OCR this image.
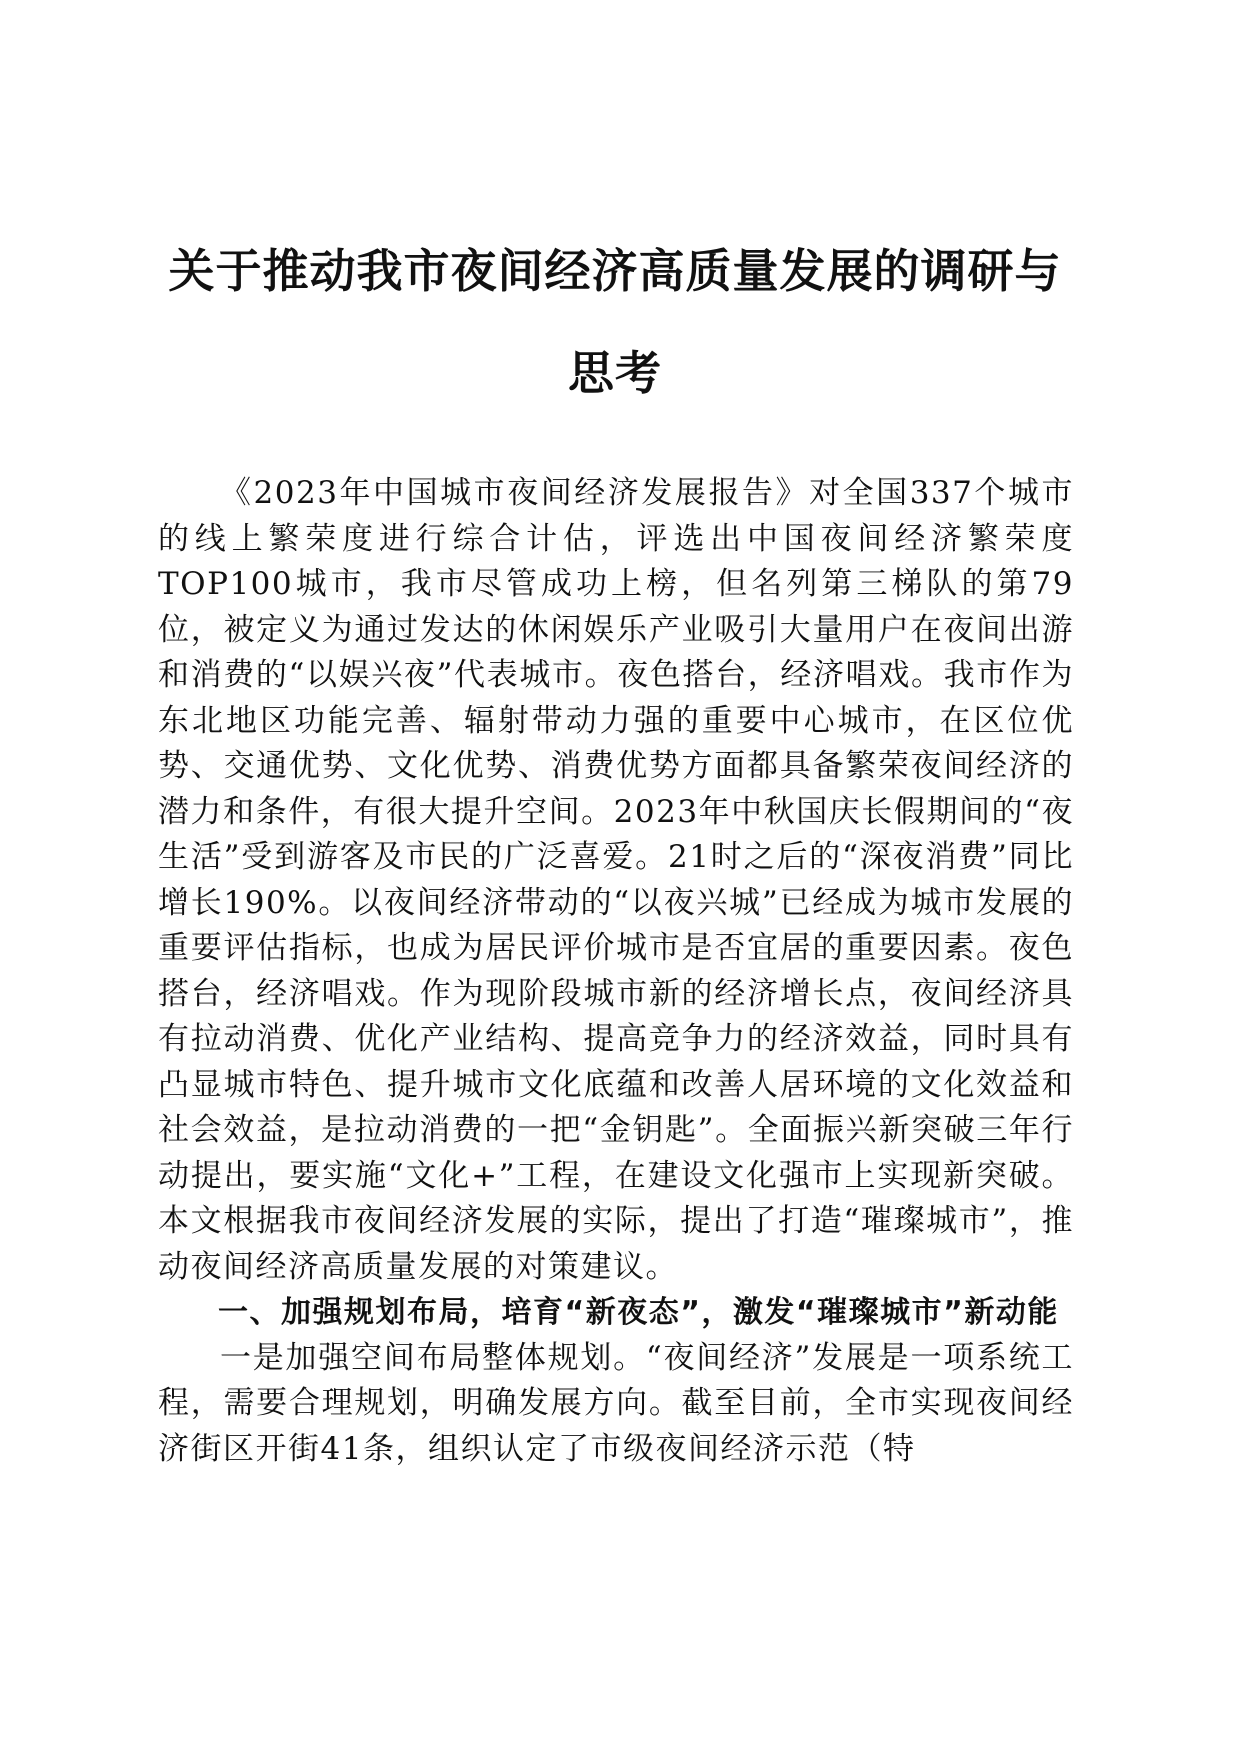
关于推动我市夜间经济高质量发展的调研与思考

《2023年中国城市夜间经济发展报告》对全国337个城市的线上繁荣度进行综合计估，评选出中国夜间经济繁荣度TOP100城市，我市尽管成功上榜，但名列第三梯队的第79位，被定义为通过发达的休闲娱乐产业吸引大量用户在夜间出游和消费的“以娱兴夜”代表城市。夜色搭台，经济唱戏。我市作为东北地区功能完善、辐射带动力强的重要中心城市，在区位优势、交通优势、文化优势、消费优势方面都具备繁荣夜间经济的潜力和条件，有很大提升空间。2023年中秋国庆长假期间的“夜生活”受到游客及市民的广泛喜爱。21时之后的“深夜消费”同比增长190%。以夜间经济带动的“以夜兴城”已经成为城市发展的重要评估指标，也成为居民评价城市是否宜居的重要因素。夜色搭台，经济唱戏。作为现阶段城市新的经济增长点，夜间经济具有拉动消费、优化产业结构、提高竞争力的经济效益，同时具有凸显城市特色、提升城市文化底蕴和改善人居环境的文化效益和社会效益，是拉动消费的一把“金钥匙”。全面振兴新突破三年行动提出，要实施“文化+”工程，在建设文化强市上实现新突破。本文根据我市夜间经济发展的实际，提出了打造“璀璨城市”，推动夜间经济高质量发展的对策建议。

一、加强规划布局，培育“新夜态”，激发“璀璨城市”新动能

一是加强空间布局整体规划。“夜间经济”发展是一项系统工程，需要合理规划，明确发展方向。截至目前，全市实现夜间经济街区开街41条，组织认定了市级夜间经济示范（特
